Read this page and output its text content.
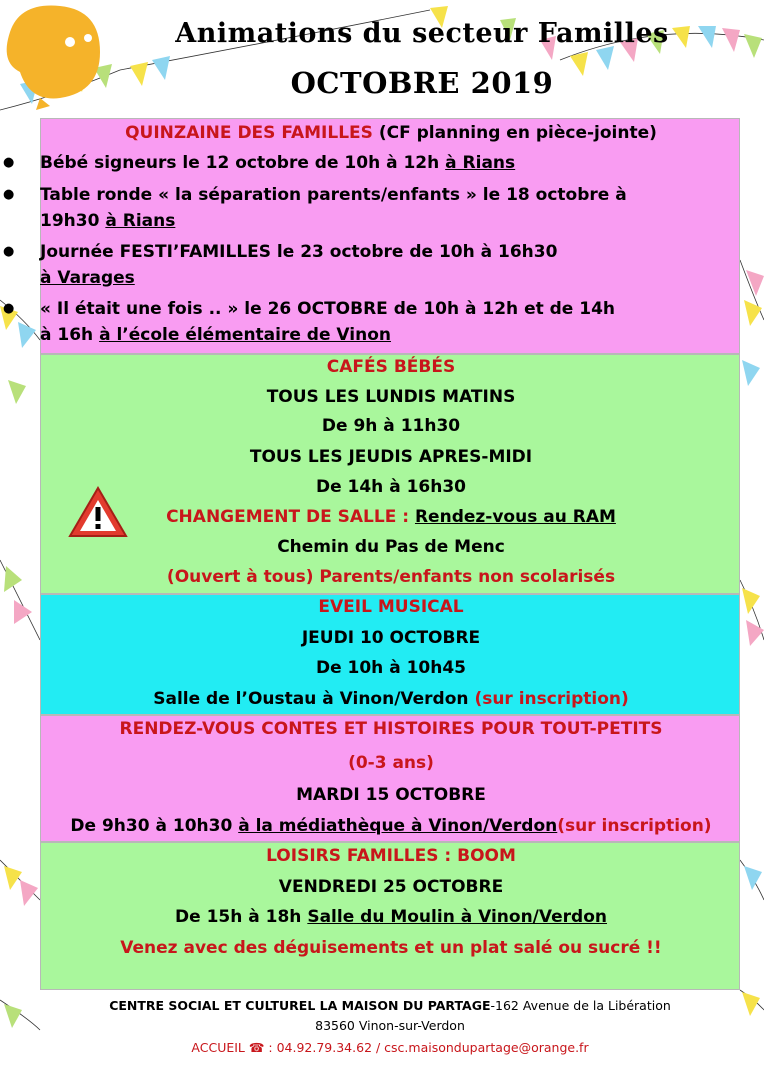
Animations du secteur Familles
OCTOBRE 2019
QUINZAINE DES FAMILLES (CF planning en pièce-jointe)
● Bébé signeurs le 12 octobre de 10h à 12h à Rians
● Table ronde « la séparation parents/enfants » le 18 octobre à
19h30 à Rians
● Journée FESTI’FAMILLES le 23 octobre de 10h à 16h30
à Varages
● « Il était une fois .. » le 26 OCTOBRE de 10h à 12h et de 14h
à 16h à l’école élémentaire de Vinon
CAFÉS BÉBÉS
TOUS LES LUNDIS MATINS
De 9h à 11h30
TOUS LES JEUDIS APRES-MIDI
De 14h à 16h30
CHANGEMENT DE SALLE : Rendez-vous au RAM
Chemin du Pas de Menc
(Ouvert à tous) Parents/enfants non scolarisés
EVEIL MUSICAL
JEUDI 10 OCTOBRE
De 10h à 10h45
Salle de l’Oustau à Vinon/Verdon (sur inscription)
RENDEZ-VOUS CONTES ET HISTOIRES POUR TOUT-PETITS
(0-3 ans)
MARDI 15 OCTOBRE
De 9h30 à 10h30 à la médiathèque à Vinon/Verdon(sur inscription)
LOISIRS FAMILLES : BOOM
VENDREDI 25 OCTOBRE
De 15h à 18h Salle du Moulin à Vinon/Verdon
Venez avec des déguisements et un plat salé ou sucré !!
CENTRE SOCIAL ET CULTUREL LA MAISON DU PARTAGE-162 Avenue de la Libération
83560 Vinon-sur-Verdon
ACCUEIL ☎ : 04.92.79.34.62 / csc.maisondupartage@orange.fr
